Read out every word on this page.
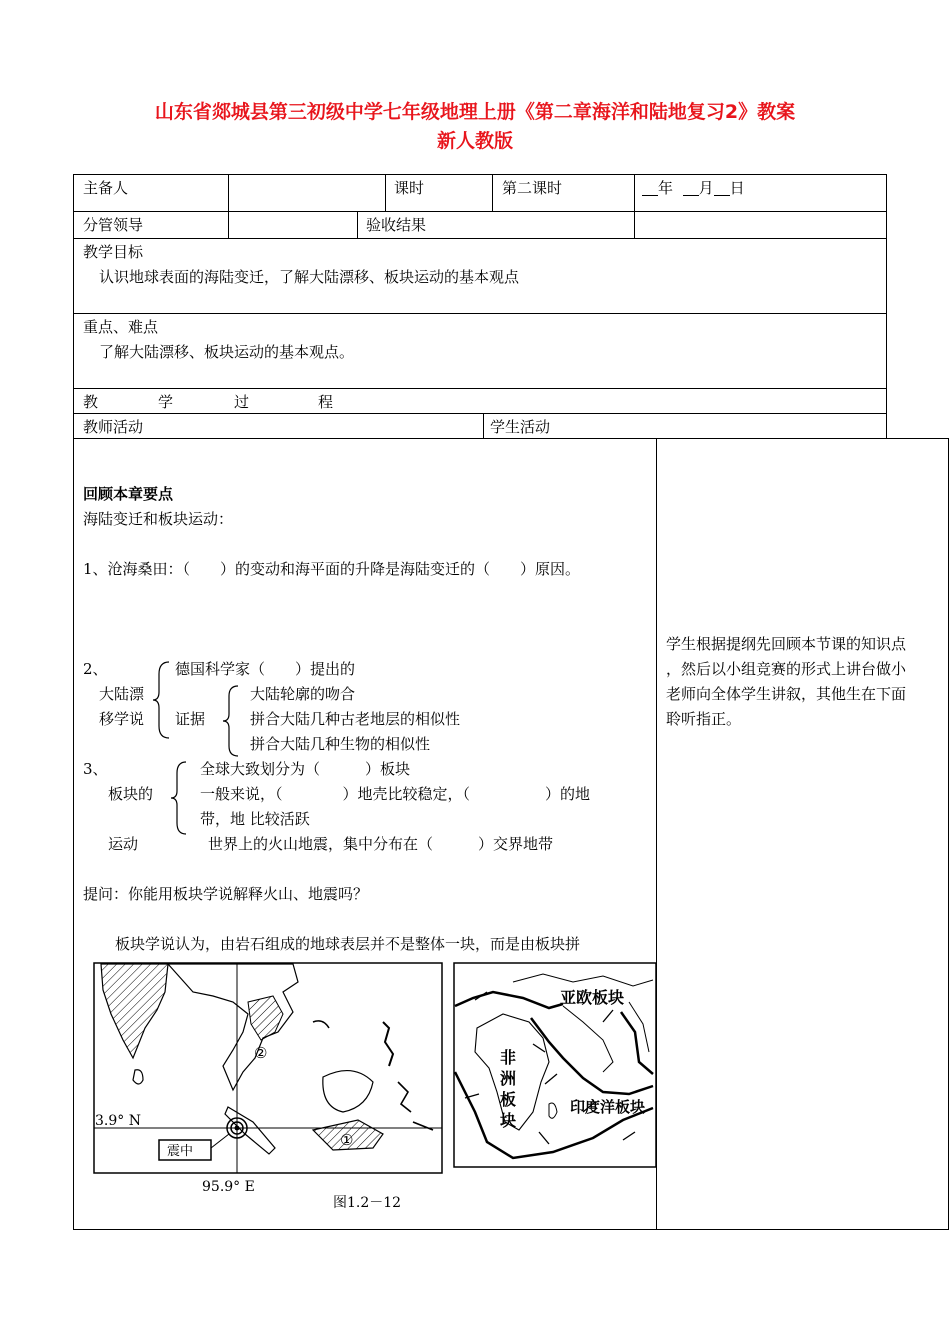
山东省郯城县第三初级中学七年级地理上册《第二章海洋和陆地复习2》教案
新人教版
主备人	课时	第二课时	年 月 日
分管领导	验收结果
教学目标
认识地球表面的海陆变迁，了解大陆漂移、板块运动的基本观点
重点、难点
了解大陆漂移、板块运动的基本观点。
教	学	过	程
教师活动	学生活动
回顾本章要点
海陆变迁和板块运动：
1、沧海桑田：（　　）的变动和海平面的升降是海陆变迁的（　　）原因。
2、
大陆漂
移学说
德国科学家（　　）提出的
证据
大陆轮廓的吻合
拼合大陆几种古老地层的相似性
拼合大陆几种生物的相似性
3、
板块的
运动
全球大致划分为（　　　）板块
一般来说，（　　　　）地壳比较稳定，（　　　　　）的地
带，地 比较活跃
世界上的火山地震，集中分布在（　　　）交界地带
提问：你能用板块学说解释火山、地震吗？
板块学说认为，由岩石组成的地球表层并不是整体一块，而是由板块拼
震中
3.9° N
95.9° E
②
①
亚欧板块
非
洲
板
块
印度洋板块
图1.2－12
学生根据提纲先回顾本节课的知识点
，然后以小组竞赛的形式上讲台做小
老师向全体学生讲叙，其他生在下面
聆听指正。
